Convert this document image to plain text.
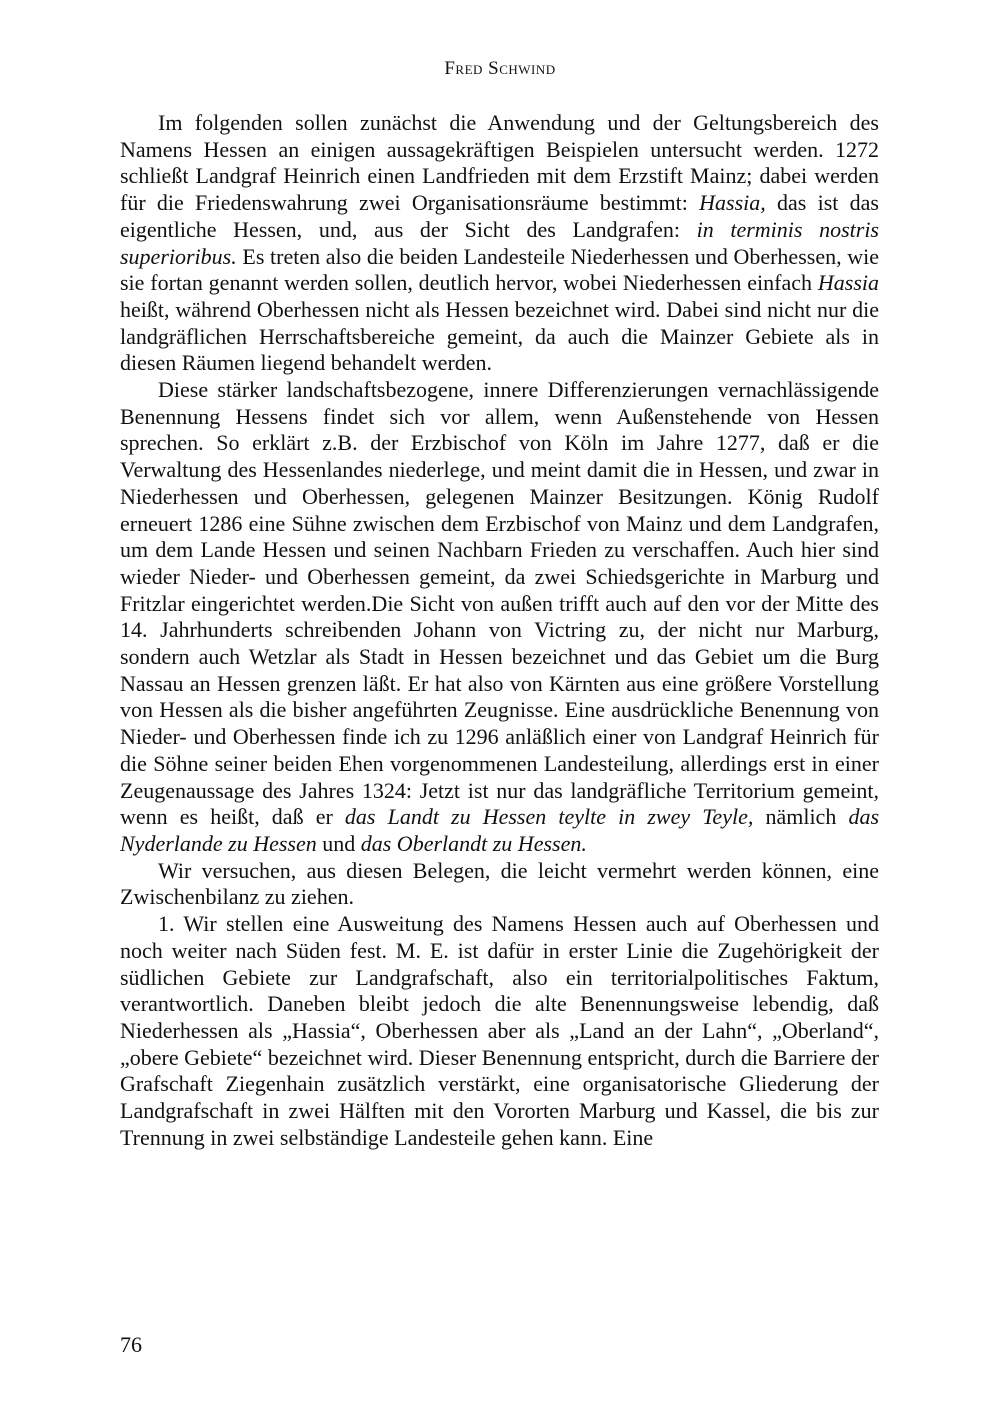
Fred Schwind

Im folgenden sollen zunächst die Anwendung und der Geltungsbereich des Namens Hessen an einigen aussagekräftigen Beispielen untersucht werden. 1272 schließt Landgraf Heinrich einen Landfrieden mit dem Erzstift Mainz; dabei werden für die Friedenswahrung zwei Organisationsräume bestimmt: Hassia, das ist das eigentliche Hessen, und, aus der Sicht des Landgrafen: in terminis nostris superioribus. Es treten also die beiden Landesteile Niederhessen und Oberhessen, wie sie fortan genannt werden sollen, deutlich hervor, wobei Niederhessen einfach Hassia heißt, während Oberhessen nicht als Hessen bezeichnet wird. Dabei sind nicht nur die landgräflichen Herrschaftsbereiche gemeint, da auch die Mainzer Gebiete als in diesen Räumen liegend behandelt werden.

Diese stärker landschaftsbezogene, innere Differenzierungen vernachlässigende Benennung Hessens findet sich vor allem, wenn Außenstehende von Hessen sprechen. So erklärt z.B. der Erzbischof von Köln im Jahre 1277, daß er die Verwaltung des Hessenlandes niederlege, und meint damit die in Hessen, und zwar in Niederhessen und Oberhessen, gelegenen Mainzer Besitzungen. König Rudolf erneuert 1286 eine Sühne zwischen dem Erzbischof von Mainz und dem Landgrafen, um dem Lande Hessen und seinen Nachbarn Frieden zu verschaffen. Auch hier sind wieder Nieder- und Oberhessen gemeint, da zwei Schiedsgerichte in Marburg und Fritzlar eingerichtet werden.Die Sicht von außen trifft auch auf den vor der Mitte des 14. Jahrhunderts schreibenden Johann von Victring zu, der nicht nur Marburg, sondern auch Wetzlar als Stadt in Hessen bezeichnet und das Gebiet um die Burg Nassau an Hessen grenzen läßt. Er hat also von Kärnten aus eine größere Vorstellung von Hessen als die bisher angeführten Zeugnisse. Eine ausdrückliche Benennung von Nieder- und Oberhessen finde ich zu 1296 anläßlich einer von Landgraf Heinrich für die Söhne seiner beiden Ehen vorgenommenen Landesteilung, allerdings erst in einer Zeugenaussage des Jahres 1324: Jetzt ist nur das landgräfliche Territorium gemeint, wenn es heißt, daß er das Landt zu Hessen teylte in zwey Teyle, nämlich das Nyderlande zu Hessen und das Oberlandt zu Hessen.

Wir versuchen, aus diesen Belegen, die leicht vermehrt werden können, eine Zwischenbilanz zu ziehen.

1. Wir stellen eine Ausweitung des Namens Hessen auch auf Oberhessen und noch weiter nach Süden fest. M. E. ist dafür in erster Linie die Zugehörigkeit der südlichen Gebiete zur Landgrafschaft, also ein territorialpolitisches Faktum, verantwortlich. Daneben bleibt jedoch die alte Benennungsweise lebendig, daß Niederhessen als „Hassia“, Oberhessen aber als „Land an der Lahn“, „Oberland“, „obere Gebiete“ bezeichnet wird. Dieser Benennung entspricht, durch die Barriere der Grafschaft Ziegenhain zusätzlich verstärkt, eine organisatorische Gliederung der Landgrafschaft in zwei Hälften mit den Vororten Marburg und Kassel, die bis zur Trennung in zwei selbständige Landesteile gehen kann. Eine

76
